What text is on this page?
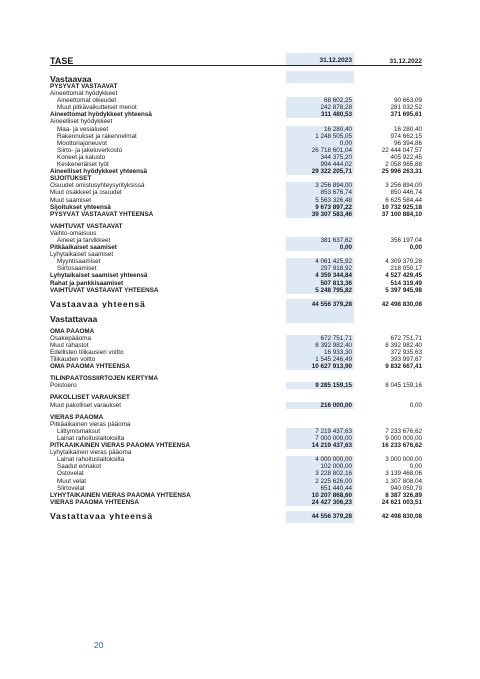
TASE	31.12.2023	31.12.2022
Vastaavaa
PYSYVÄT VASTAAVAT
Aineettomat hyödykkeet
Aineettomat oikeudet	68 602,25	90 663,09
Muut pitkävaikutteiset menot	242 878,28	281 032,52
Aineettomat hyödykkeet yhteensä	311 480,53	371 695,61
Aineelliset hyödykkeet
Maa- ja vesialueet	16 280,40	16 280,40
Rakennukset ja rakennelmat	1 248 505,05	974 662,15
Moottoriajoneuvot	0,00	96 394,86
Siirto- ja jakeluverkosto	26 718 601,04	22 444 047,57
Koneet ja kalusto	344 375,20	405 922,45
Keskeneräiset työt	994 444,02	2 058 965,88
Aineelliset hyödykkeet yhteensä	29 322 205,71	25 996 263,31
SIJOITUKSET
Osuudet omistusyhteysyrityksissä	3 256 894,00	3 256 894,00
Muut osakkeet ja osuudet	853 676,74	850 446,74
Muut saamiset	5 563 326,48	6 625 584,44
Sijoitukset yhteensä	9 673 897,22	10 732 925,18
PYSYVÄT VASTAAVAT YHTEENSÄ	39 307 583,46	37 100 884,10
VAIHTUVAT VASTAAVAT
Vaihto-omaisuus
Aineet ja tarvikkeet	381 637,62	356 197,04
Pitkäaikaiset saamiset	0,00	0,00
Lyhytaikaiset saamiset
Myyntisaamiset	4 061 425,92	4 309 379,28
Siirtosaamiset	297 918,92	218 050,17
Lyhytaikaiset saamiset yhteensä	4 359 344,84	4 527 429,45
Rahat ja pankkisaamiset	507 813,36	514 319,49
VAIHTUVAT VASTAAVAT YHTEENSÄ	5 248 795,82	5 397 945,98
Vastaavaa yhteensä	44 556 379,28	42 498 830,08
Vastattavaa
OMA PÄÄOMA
Osakepääoma	672 751,71	672 751,71
Muut rahastot	8 392 982,40	8 392 982,40
Edellisten tilikausien voitto	16 933,30	372 935,63
Tilikauden voitto	1 545 246,49	393 997,67
OMA PÄÄOMA YHTEENSÄ	10 627 913,90	9 832 667,41
TILINPÄÄTÖSSIIRTOJEN KERTYMÄ
Poistoero	9 285 159,15	8 045 159,16
PAKOLLISET VARAUKSET
Muut pakolliset varaukset	216 000,00	0,00
VIERAS PÄÄOMA
Pitkäaikainen vieras pääoma
Liittymismaksut	7 219 437,63	7 233 676,62
Lainat rahoituslaitoksilta	7 000 000,00	9 000 000,00
PITKÄAIKAINEN VIERAS PÄÄOMA YHTEENSÄ	14 219 437,63	16 233 676,62
Lyhytaikainen vieras pääoma
Lainat rahoituslaitoksilta	4 000 000,00	3 000 000,00
Saadut ennakot	102 000,00	0,00
Ostovelat	3 228 802,16	3 139 468,06
Muut velat	2 225 626,00	1 307 808,04
Siirtovelat	651 440,44	940 050,79
LYHYTAIKAINEN VIERAS PÄÄOMA YHTEENSÄ	10 207 868,60	8 387 326,89
VIERAS PÄÄOMA YHTEENSÄ	24 427 306,23	24 621 003,51
Vastattavaa yhteensä	44 556 379,28	42 498 830,08
20
